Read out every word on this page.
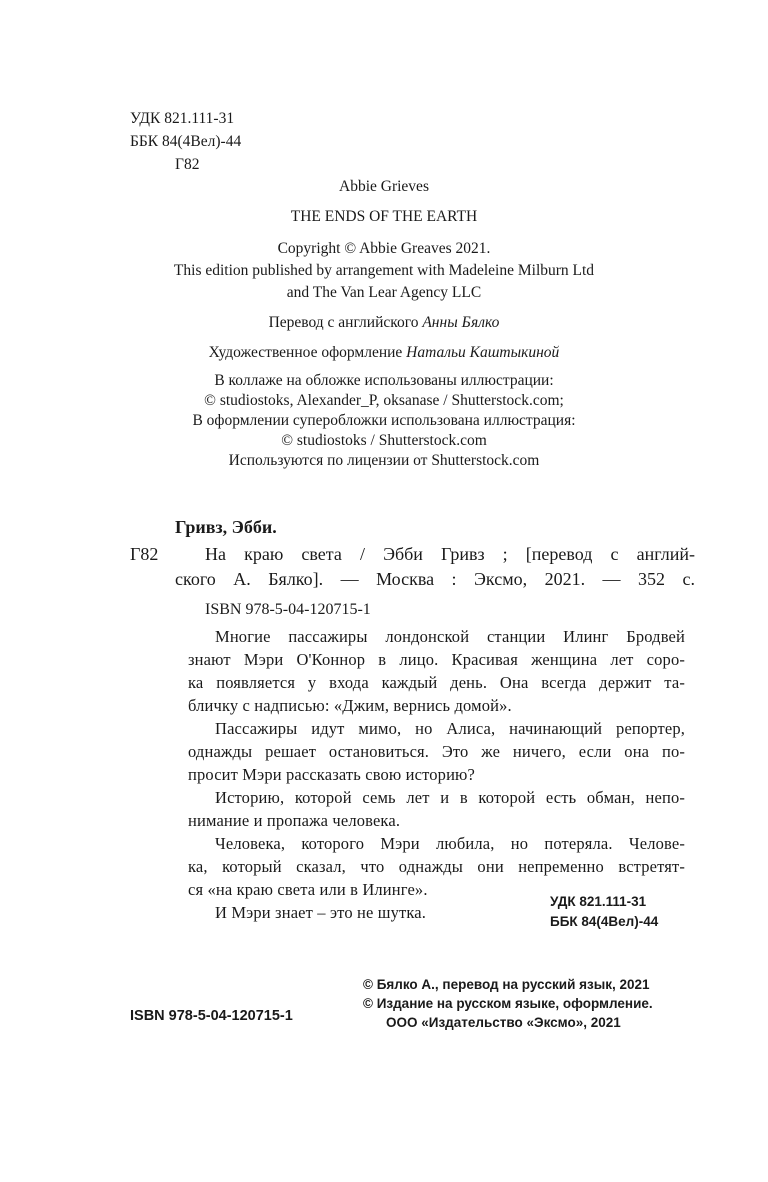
УДК 821.111-31
ББК 84(4Вел)-44
Г82
Abbie Grieves
THE ENDS OF THE EARTH
Copyright © Abbie Greaves 2021.
This edition published by arrangement with Madeleine Milburn Ltd
and The Van Lear Agency LLC
Перевод с английского Анны Бялко
Художественное оформление Натальи Каштыкиной
В коллаже на обложке использованы иллюстрации:
© studiostoks, Alexander_P, oksanase / Shutterstock.com;
В оформлении суперобложки использована иллюстрация:
© studiostoks / Shutterstock.com
Используются по лицензии от Shutterstock.com
Гривз, Эбби.
Г82	На краю света / Эбби Гривз ; [перевод с англий-
ского А. Бялко]. — Москва : Эксмо, 2021. — 352 с.
ISBN 978-5-04-120715-1
Многие пассажиры лондонской станции Илинг Бродвей
знают Мэри О'Коннор в лицо. Красивая женщина лет соро-
ка появляется у входа каждый день. Она всегда держит та-
бличку с надписью: «Джим, вернись домой».
Пассажиры идут мимо, но Алиса, начинающий репортер,
однажды решает остановиться. Это же ничего, если она по-
просит Мэри рассказать свою историю?
Историю, которой семь лет и в которой есть обман, непо-
нимание и пропажа человека.
Человека, которого Мэри любила, но потеряла. Челове-
ка, который сказал, что однажды они непременно встретят-
ся «на краю света или в Илинге».
И Мэри знает – это не шутка.
УДК 821.111-31
ББК 84(4Вел)-44
ISBN 978-5-04-120715-1
© Бялко А., перевод на русский язык, 2021
© Издание на русском языке, оформление.
ООО «Издательство «Эксмо», 2021
